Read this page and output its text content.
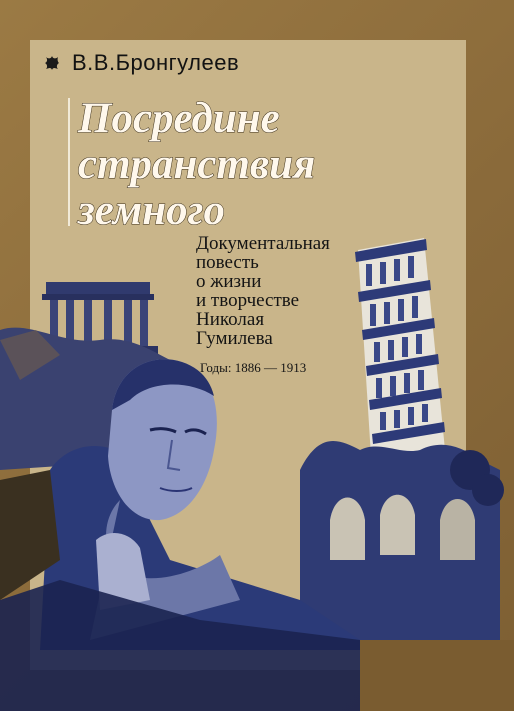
В.В.Бронгулеев
Посредине
странствия
земного
Документальная
повесть
о жизни
и творчестве
Николая
Гумилева
Годы: 1886 — 1913
